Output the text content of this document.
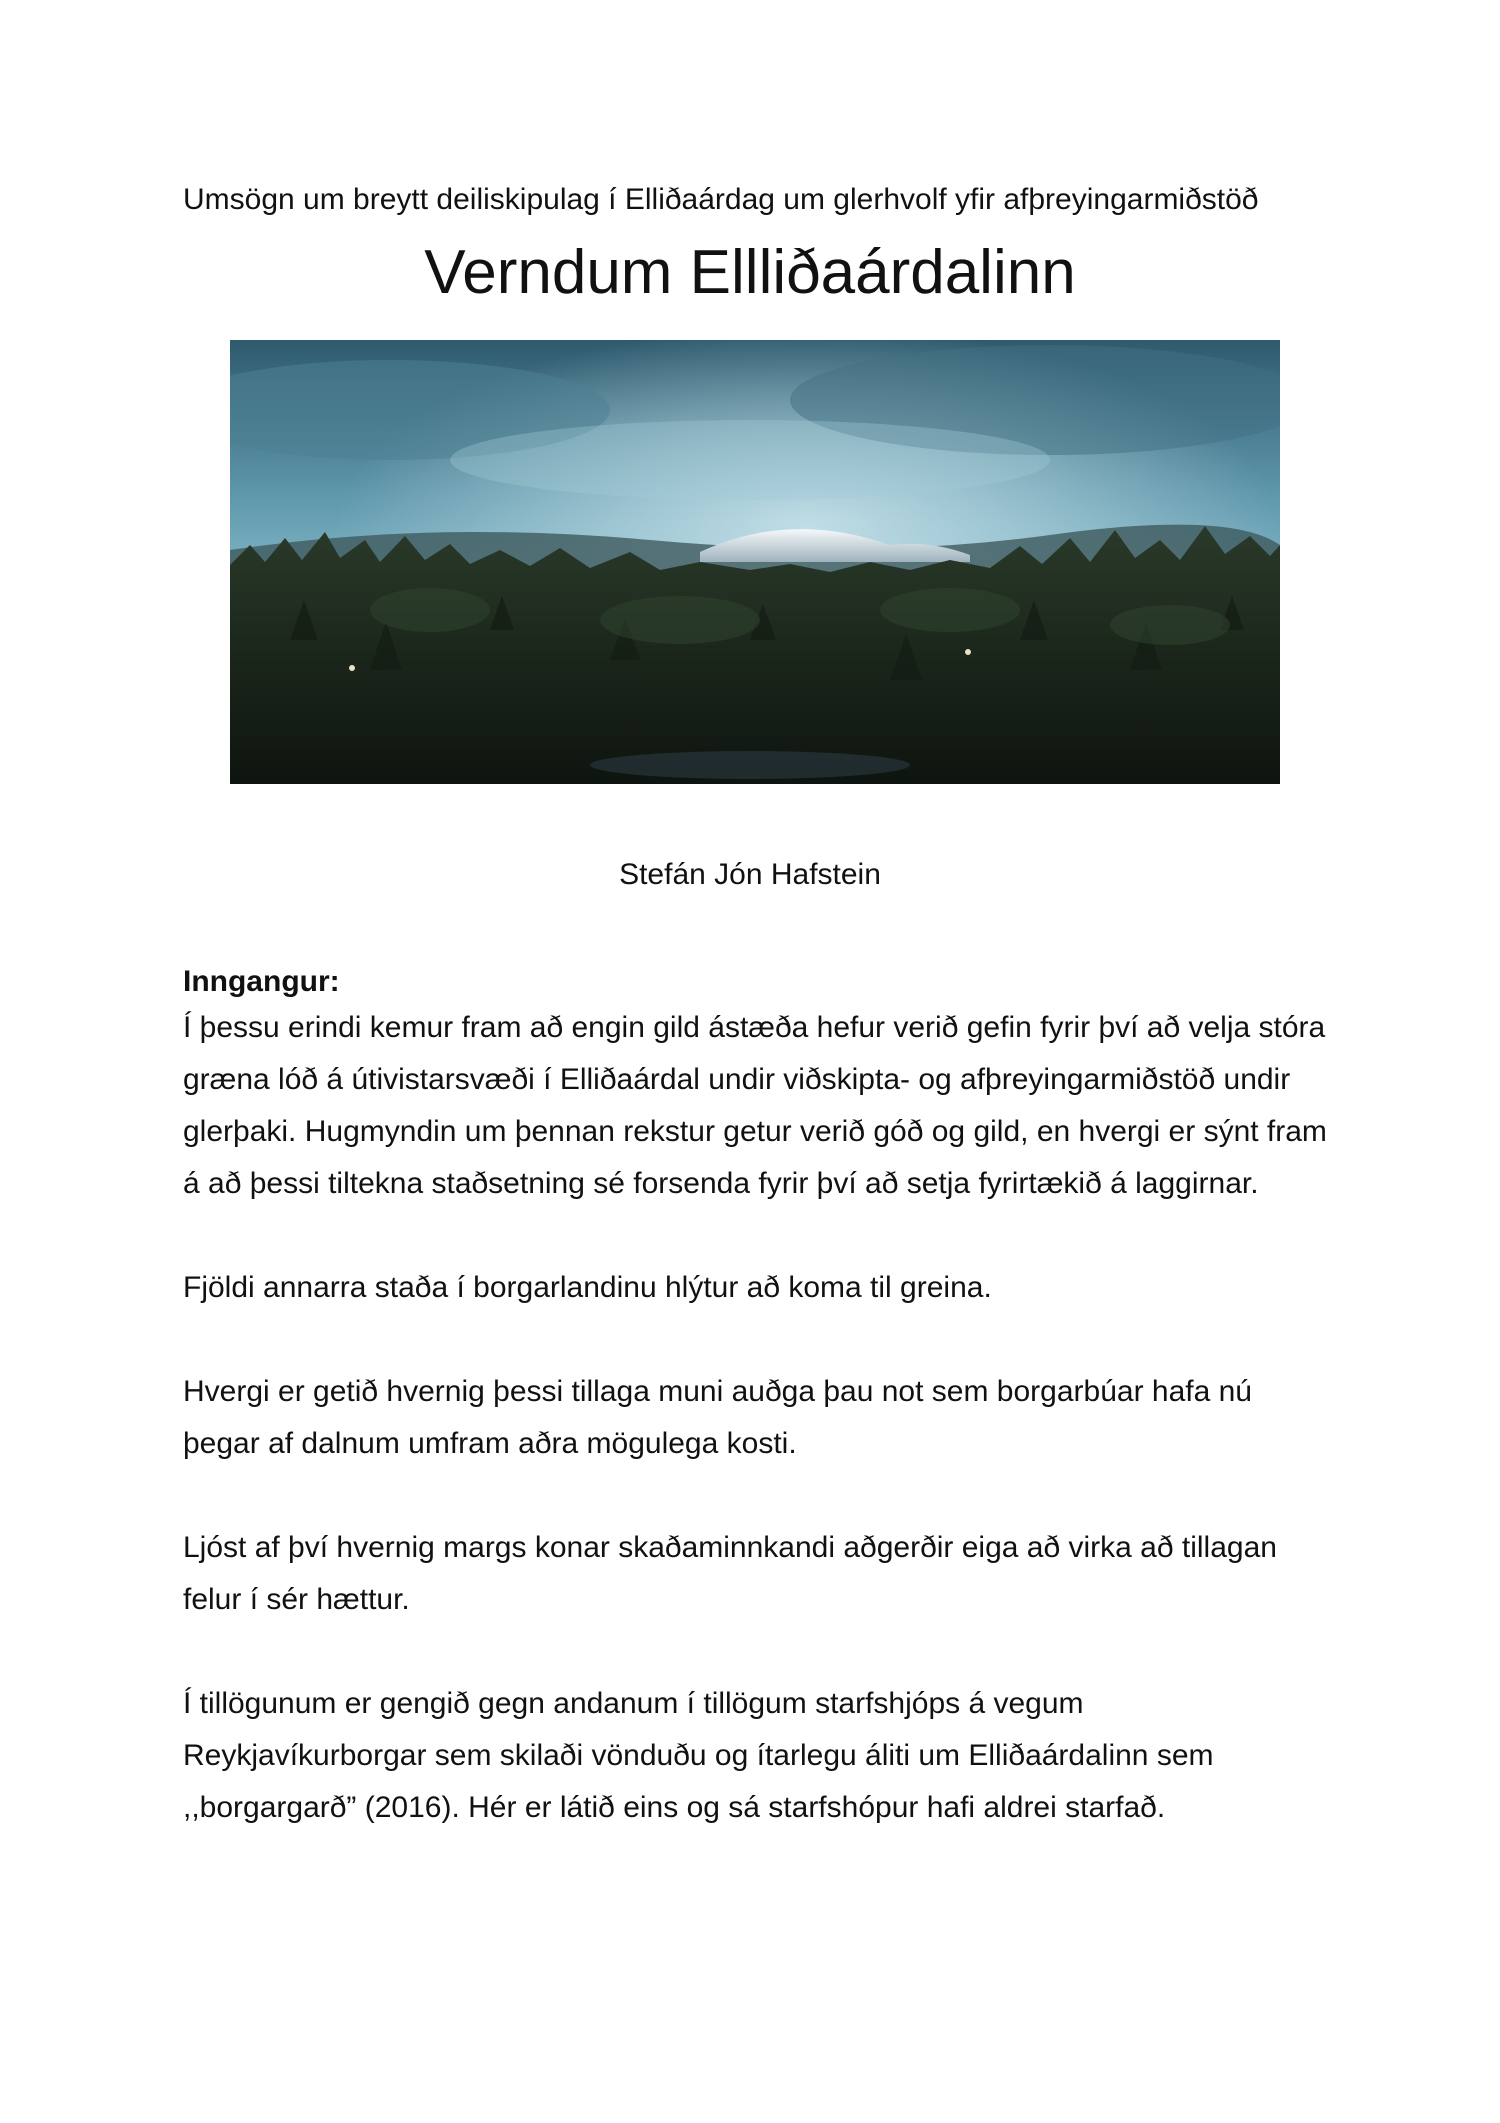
Umsögn um breytt deiliskipulag í Elliðaárdag um glerhvolf yfir afþreyingarmiðstöð
Verndum Ellliðaárdalinn
Stefán Jón Hafstein

Inngangur:

Í þessu erindi kemur fram að engin gild ástæða hefur verið gefin fyrir því að velja stóra græna lóð á útivistarsvæði í Elliðaárdal undir viðskipta- og afþreyingarmiðstöð undir glerþaki. Hugmyndin um þennan rekstur getur verið góð og gild, en hvergi er sýnt fram á að þessi tiltekna staðsetning sé forsenda fyrir því að setja fyrirtækið á laggirnar.

Fjöldi annarra staða í borgarlandinu hlýtur að koma til greina.

Hvergi er getið hvernig þessi tillaga muni auðga þau not sem borgarbúar hafa nú þegar af dalnum umfram aðra mögulega kosti.

Ljóst af því hvernig margs konar skaðaminnkandi aðgerðir eiga að virka að tillagan felur í sér hættur.

Í tillögunum er gengið gegn andanum í tillögum starfshjóps á vegum Reykjavíkurborgar sem skilaði vönduðu og ítarlegu áliti um Elliðaárdalinn sem ,,borgargarð” (2016). Hér er látið eins og sá starfshópur hafi aldrei starfað.
